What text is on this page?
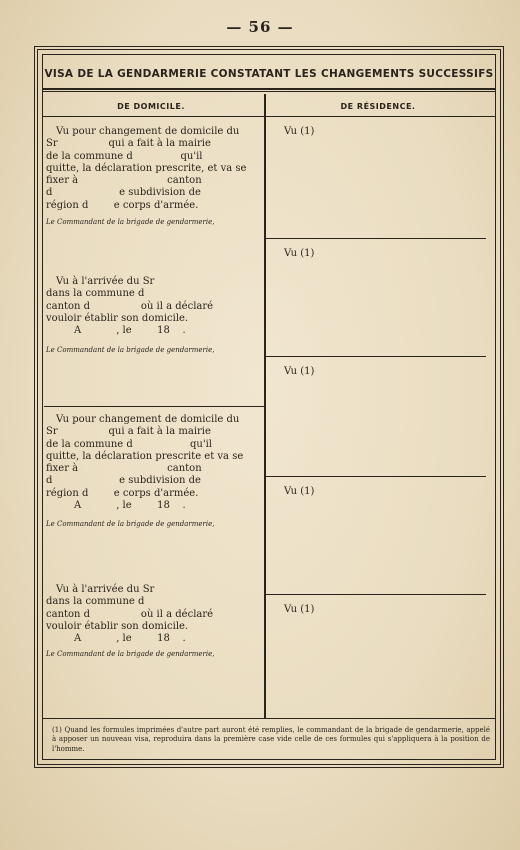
— 56 —
VISA DE LA GENDARMERIE CONSTATANT LES CHANGEMENTS SUCCESSIFS
DE DOMICILE.	DE RÉSIDENCE.

Vu pour changement de domicile du

Sr                qui a fait à la mairie

de la commune d               qu'il

quitte, la déclaration prescrite, et va se

fixer à                            canton

d                     e subdivision de

région d        e corps d'armée.

Le Commandant de la brigade de gendarmerie,

Vu à l'arrivée du Sr

dans la commune d

canton d                où il a déclaré

vouloir établir son domicile.

A           , le        18    .

Le Commandant de la brigade de gendarmerie,

Vu pour changement de domicile du

Sr                qui a fait à la mairie

de la commune d                  qu'il

quitte, la déclaration prescrite et va se

fixer à                            canton

d                     e subdivision de

région d        e corps d'armée.

A           , le        18    .

Le Commandant de la brigade de gendarmerie,

Vu à l'arrivée du Sr

dans la commune d

canton d                où il a déclaré

vouloir établir son domicile.

A           , le        18    .

Le Commandant de la brigade de gendarmerie,
Vu (1)
Vu (1)
Vu (1)
Vu (1)
Vu (1)
(1) Quand les formules imprimées d'autre part auront été remplies, le commandant de la brigade de gendarmerie, appelé à apposer un nouveau visa, reproduira dans la première case vide celle de ces formules qui s'appliquera à la position de l'homme.
